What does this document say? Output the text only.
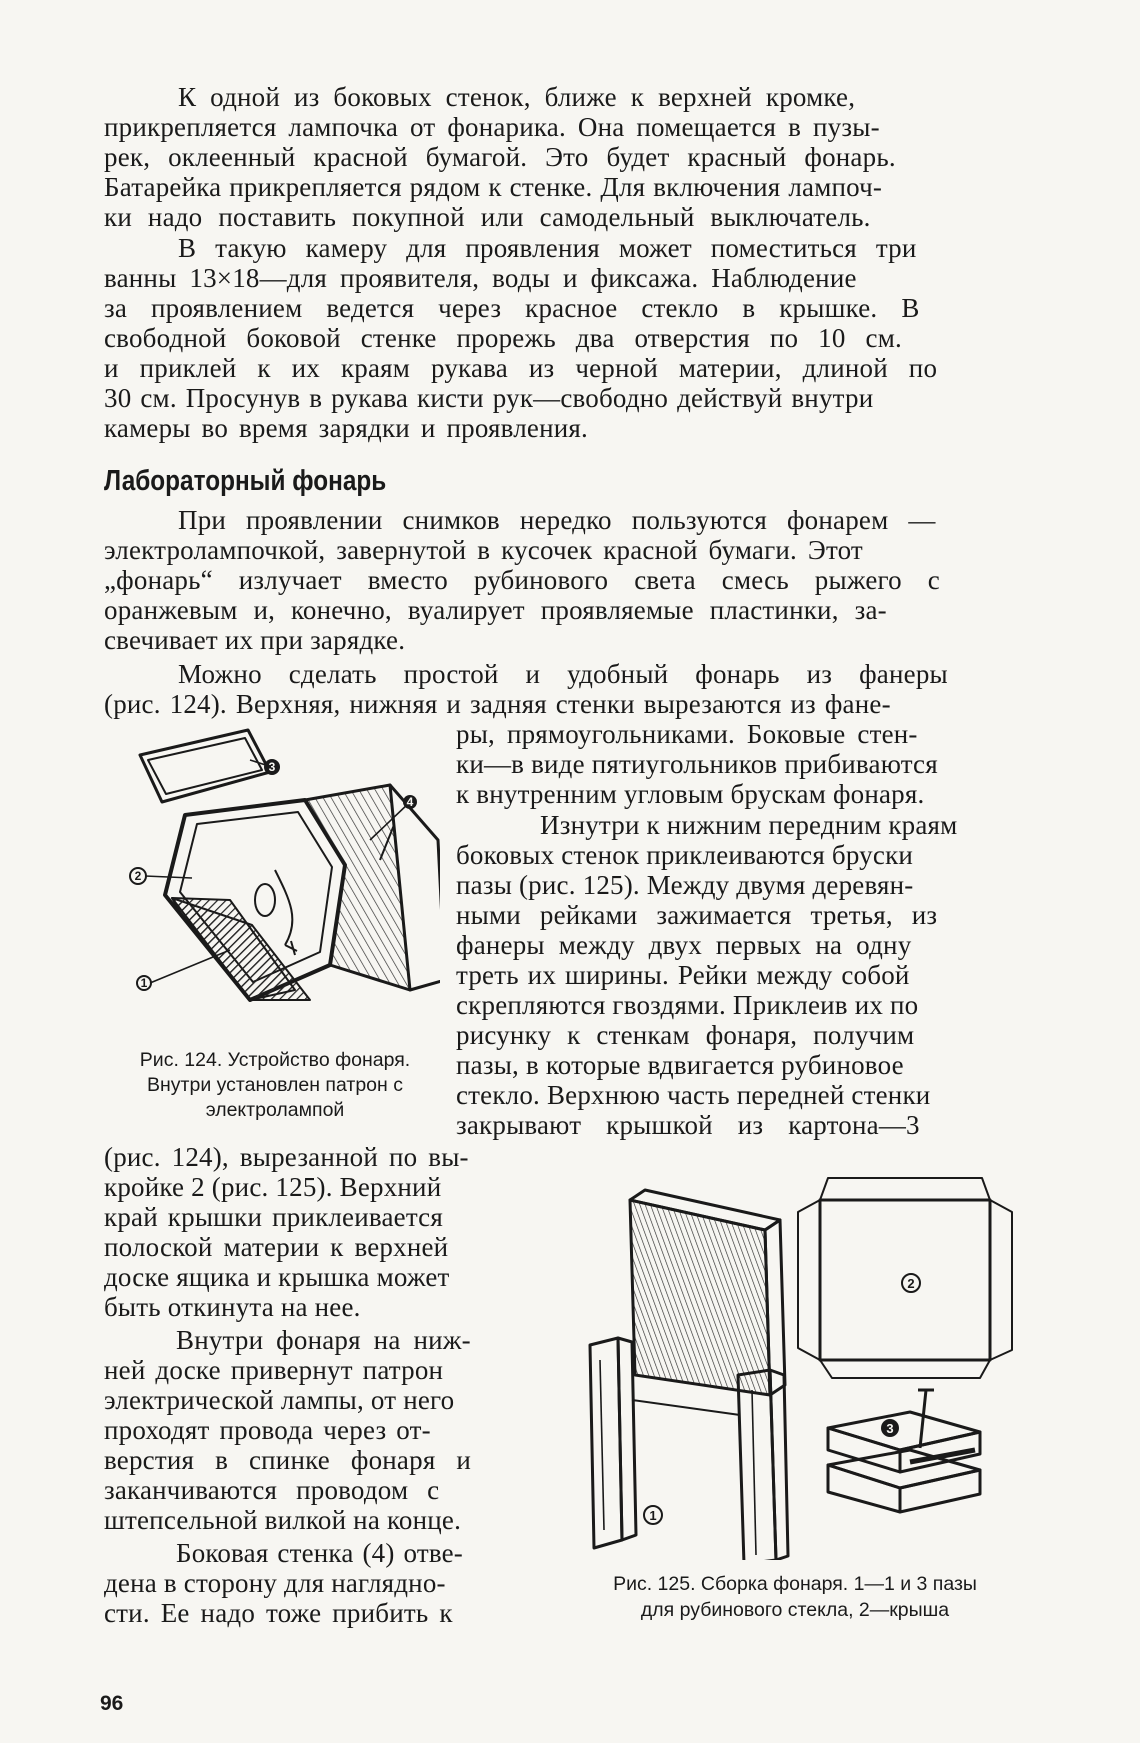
К одной из боковых стенок, ближе к верхней кромке,
прикрепляется лампочка от фонарика. Она помещается в пузы-
рек, оклеенный красной бумагой. Это будет красный фонарь.
Батарейка прикрепляется рядом к стенке. Для включения лампоч-
ки надо поставить покупной или самодельный выключатель.
В такую камеру для проявления может поместиться три
ванны 13×18—для проявителя, воды и фиксажа. Наблюдение
за проявлением ведется через красное стекло в крышке. В
свободной боковой стенке прорежь два отверстия по 10 см.
и приклей к их краям рукава из черной материи, длиной по
30 см. Просунув в рукава кисти рук—свободно действуй внутри
камеры во время зарядки и проявления.
Лабораторный фонарь
При проявлении снимков нередко пользуются фонарем —
электролампочкой, завернутой в кусочек красной бумаги. Этот
„фонарь“ излучает вместо рубинового света смесь рыжего с
оранжевым и, конечно, вуалирует проявляемые пластинки, за-
свечивает их при зарядке.
Можно сделать простой и удобный фонарь из фанеры
(рис. 124). Верхняя, нижняя и задняя стенки вырезаются из фане-
ры, прямоугольниками. Боковые стен-
ки—в виде пятиугольников прибиваются
к внутренним угловым брускам фонаря.
Изнутри к нижним передним краям
боковых стенок приклеиваются бруски
пазы (рис. 125). Между двумя деревян-
ными рейками зажимается третья, из
фанеры между двух первых на одну
треть их ширины. Рейки между собой
скрепляются гвоздями. Приклеив их по
рисунку к стенкам фонаря, получим
пазы, в которые вдвигается рубиновое
стекло. Верхнюю часть передней стенки
закрывают крышкой из картона—3
(рис. 124), вырезанной по вы-
кройке 2 (рис. 125). Верхний
край крышки приклеивается
полоской материи к верхней
доске ящика и крышка может
быть откинута на нее.
Внутри фонаря на ниж-
ней доске привернут патрон
электрической лампы, от него
проходят провода через от-
верстия в спинке фонаря и
заканчиваются проводом с
штепсельной вилкой на конце.
Боковая стенка (4) отве-
дена в сторону для нагляднo-
сти. Ее надо тоже прибить к
3
4
2
1
Рис. 124. Устройство фонаря.
Внутри установлен патрон с
электролампой
1
2
3
Рис. 125. Сборка фонаря. 1—1 и 3 пазы
для рубинового стекла, 2—крыша
96
